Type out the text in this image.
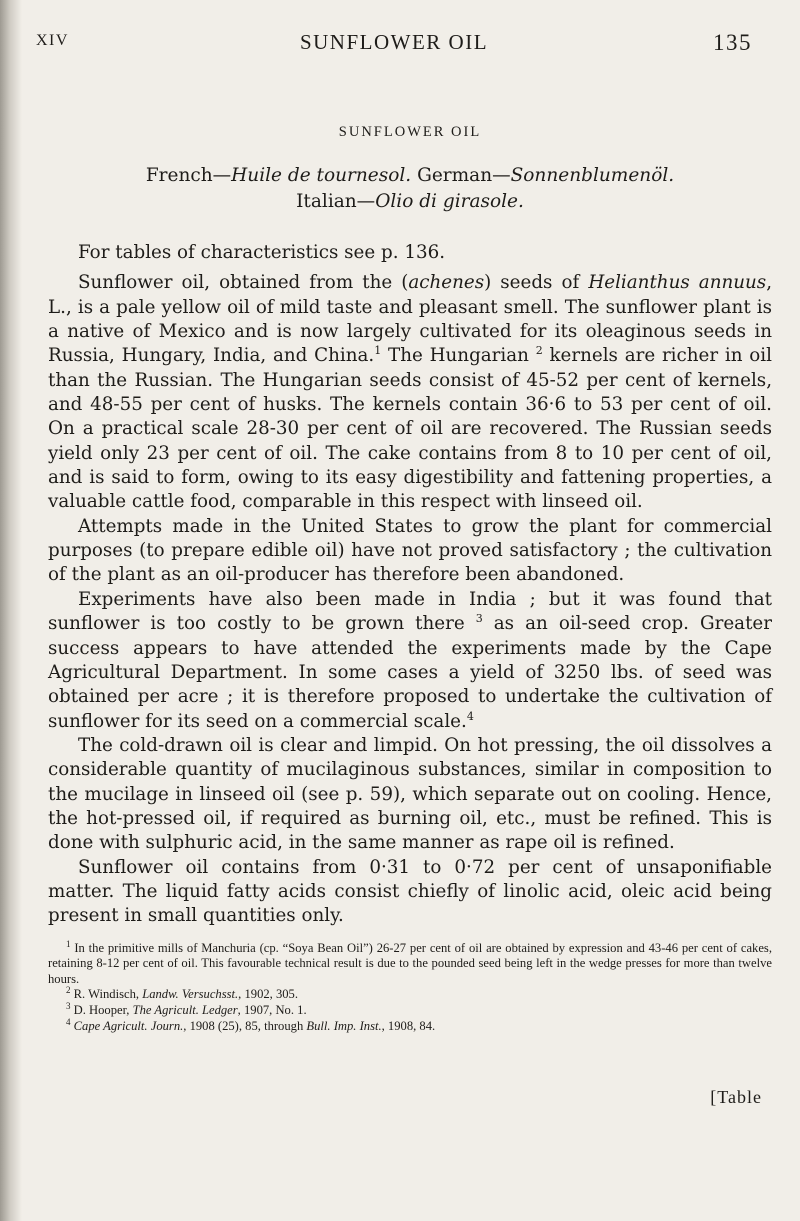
XIV	SUNFLOWER OIL	135
SUNFLOWER OIL
French—Huile de tournesol. German—Sonnenblumenöl.
Italian—Olio di girasole.

For tables of characteristics see p. 136.

Sunflower oil, obtained from the (achenes) seeds of Helianthus annuus, L., is a pale yellow oil of mild taste and pleasant smell. The sunflower plant is a native of Mexico and is now largely cultivated for its oleaginous seeds in Russia, Hungary, India, and China.$^1$ The Hungarian $^2$ kernels are richer in oil than the Russian. The Hungarian seeds consist of 45-52 per cent of kernels, and 48-55 per cent of husks. The kernels contain 36·6 to 53 per cent of oil. On a practical scale 28-30 per cent of oil are recovered. The Russian seeds yield only 23 per cent of oil. The cake contains from 8 to 10 per cent of oil, and is said to form, owing to its easy digestibility and fattening properties, a valuable cattle food, comparable in this respect with linseed oil.

Attempts made in the United States to grow the plant for commercial purposes (to prepare edible oil) have not proved satisfactory ; the cultivation of the plant as an oil-producer has therefore been abandoned.

Experiments have also been made in India ; but it was found that sunflower is too costly to be grown there $^3$ as an oil-seed crop. Greater success appears to have attended the experiments made by the Cape Agricultural Department. In some cases a yield of 3250 lbs. of seed was obtained per acre ; it is therefore proposed to undertake the cultivation of sunflower for its seed on a commercial scale.$^4$

The cold-drawn oil is clear and limpid. On hot pressing, the oil dissolves a considerable quantity of mucilaginous substances, similar in composition to the mucilage in linseed oil (see p. 59), which separate out on cooling. Hence, the hot-pressed oil, if required as burning oil, etc., must be refined. This is done with sulphuric acid, in the same manner as rape oil is refined.

Sunflower oil contains from 0·31 to 0·72 per cent of unsaponifiable matter. The liquid fatty acids consist chiefly of linolic acid, oleic acid being present in small quantities only.

$^1$ In the primitive mills of Manchuria (cp. “Soya Bean Oil”) 26-27 per cent of oil are obtained by expression and 43-46 per cent of cakes, retaining 8-12 per cent of oil. This favourable technical result is due to the pounded seed being left in the wedge presses for more than twelve hours.

$^2$ R. Windisch, Landw. Versuchsst., 1902, 305.

$^3$ D. Hooper, The Agricult. Ledger, 1907, No. 1.

$^4$ Cape Agricult. Journ., 1908 (25), 85, through Bull. Imp. Inst., 1908, 84.

[Table
